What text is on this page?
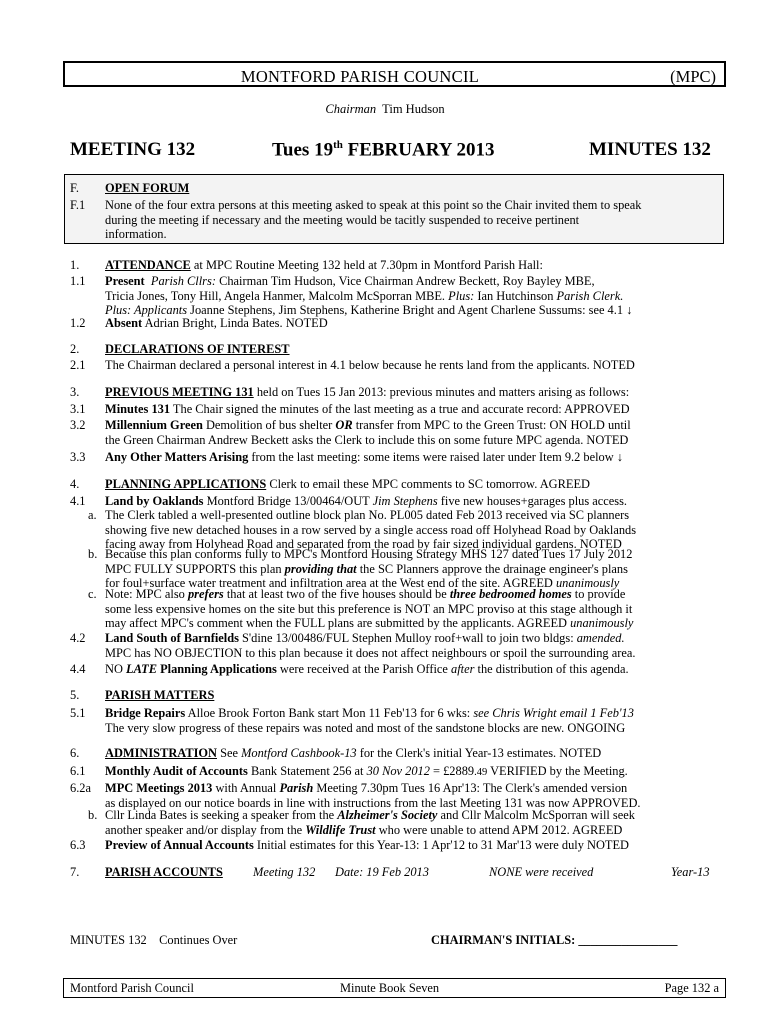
MONTFORD PARISH COUNCIL	(MPC)
Chairman Tim Hudson
MEETING 132	Tues 19th FEBRUARY 2013	MINUTES 132
F. OPEN FORUM
F.1 None of the four extra persons at this meeting asked to speak at this point so the Chair invited them to speak
during the meeting if necessary and the meeting would be tacitly suspended to receive pertinent
information.
1. ATTENDANCE at MPC Routine Meeting 132 held at 7.30pm in Montford Parish Hall:
1.1 Present Parish Cllrs: Chairman Tim Hudson, Vice Chairman Andrew Beckett, Roy Bayley MBE,
Tricia Jones, Tony Hill, Angela Hanmer, Malcolm McSporran MBE. Plus: Ian Hutchinson Parish Clerk.
Plus: Applicants Joanne Stephens, Jim Stephens, Katherine Bright and Agent Charlene Sussums: see 4.1 ↓
1.2 Absent Adrian Bright, Linda Bates. NOTED
2. DECLARATIONS OF INTEREST
2.1 The Chairman declared a personal interest in 4.1 below because he rents land from the applicants. NOTED
3. PREVIOUS MEETING 131 held on Tues 15 Jan 2013: previous minutes and matters arising as follows:
3.1 Minutes 131 The Chair signed the minutes of the last meeting as a true and accurate record: APPROVED
3.2 Millennium Green Demolition of bus shelter OR transfer from MPC to the Green Trust: ON HOLD until
the Green Chairman Andrew Beckett asks the Clerk to include this on some future MPC agenda. NOTED
3.3 Any Other Matters Arising from the last meeting: some items were raised later under Item 9.2 below ↓
4. PLANNING APPLICATIONS Clerk to email these MPC comments to SC tomorrow. AGREED
4.1 Land by Oaklands Montford Bridge 13/00464/OUT Jim Stephens five new houses+garages plus access.
a. The Clerk tabled a well-presented outline block plan No. PL005 dated Feb 2013 received via SC planners
showing five new detached houses in a row served by a single access road off Holyhead Road by Oaklands
facing away from Holyhead Road and separated from the road by fair sized individual gardens. NOTED
b. Because this plan conforms fully to MPC's Montford Housing Strategy MHS 127 dated Tues 17 July 2012
MPC FULLY SUPPORTS this plan providing that the SC Planners approve the drainage engineer's plans
for foul+surface water treatment and infiltration area at the West end of the site. AGREED unanimously
c. Note: MPC also prefers that at least two of the five houses should be three bedroomed homes to provide
some less expensive homes on the site but this preference is NOT an MPC proviso at this stage although it
may affect MPC's comment when the FULL plans are submitted by the applicants. AGREED unanimously
4.2 Land South of Barnfields S'dine 13/00486/FUL Stephen Mulloy roof+wall to join two bldgs: amended.
MPC has NO OBJECTION to this plan because it does not affect neighbours or spoil the surrounding area.
4.4 NO LATE Planning Applications were received at the Parish Office after the distribution of this agenda.
5. PARISH MATTERS
5.1 Bridge Repairs Alloe Brook Forton Bank start Mon 11 Feb'13 for 6 wks: see Chris Wright email 1 Feb'13
The very slow progress of these repairs was noted and most of the sandstone blocks are new. ONGOING
6. ADMINISTRATION See Montford Cashbook-13 for the Clerk's initial Year-13 estimates. NOTED
6.1 Monthly Audit of Accounts Bank Statement 256 at 30 Nov 2012 = £2889.49 VERIFIED by the Meeting.
6.2a MPC Meetings 2013 with Annual Parish Meeting 7.30pm Tues 16 Apr'13: The Clerk's amended version
as displayed on our notice boards in line with instructions from the last Meeting 131 was now APPROVED.
b. Cllr Linda Bates is seeking a speaker from the Alzheimer's Society and Cllr Malcolm McSporran will seek
another speaker and/or display from the Wildlife Trust who were unable to attend APM 2012. AGREED
6.3 Preview of Annual Accounts Initial estimates for this Year-13: 1 Apr'12 to 31 Mar'13 were duly NOTED
7. PARISH ACCOUNTS Meeting 132 Date: 19 Feb 2013	NONE were received	Year-13
MINUTES 132    Continues Over	CHAIRMAN'S INITIALS: ________________
Montford Parish Council	Minute Book Seven	Page 132 a
